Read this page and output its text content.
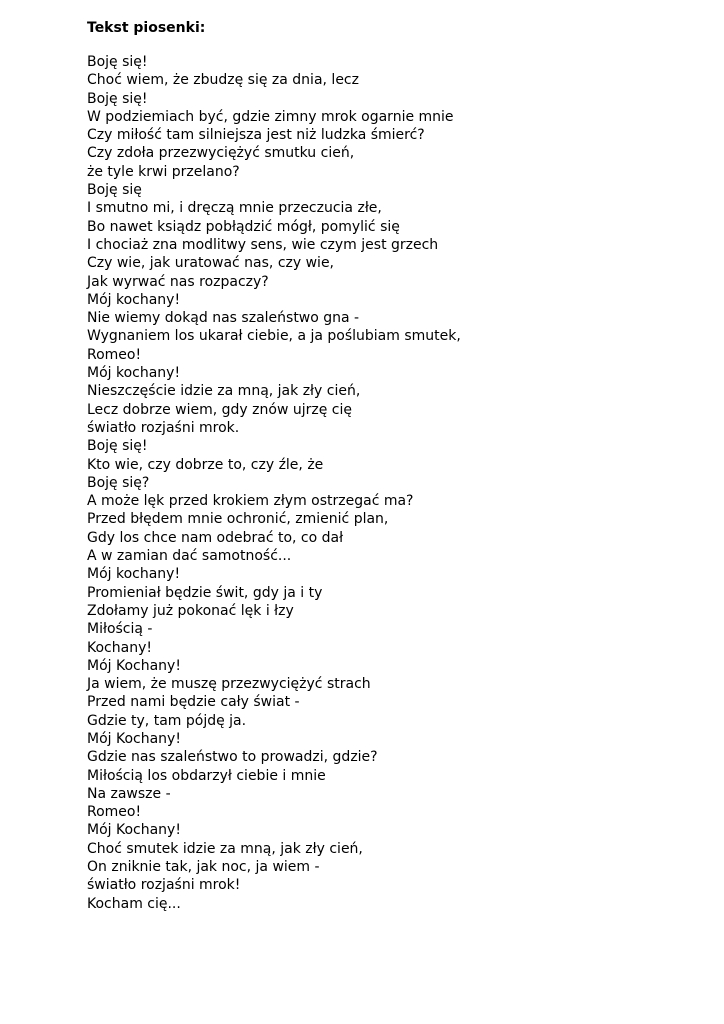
Tekst piosenki:
Boję się!
Choć wiem, że zbudzę się za dnia, lecz
Boję się!
W podziemiach być, gdzie zimny mrok ogarnie mnie
Czy miłość tam silniejsza jest niż ludzka śmierć?
Czy zdoła przezwyciężyć smutku cień,
że tyle krwi przelano?
Boję się
I smutno mi, i dręczą mnie przeczucia złe,
Bo nawet ksiądz pobłądzić mógł, pomylić się
I chociaż zna modlitwy sens, wie czym jest grzech
Czy wie, jak uratować nas, czy wie,
Jak wyrwać nas rozpaczy?
Mój kochany!
Nie wiemy dokąd nas szaleństwo gna -
Wygnaniem los ukarał ciebie, a ja poślubiam smutek,
Romeo!
Mój kochany!
Nieszczęście idzie za mną, jak zły cień,
Lecz dobrze wiem, gdy znów ujrzę cię
światło rozjaśni mrok.
Boję się!
Kto wie, czy dobrze to, czy źle, że
Boję się?
A może lęk przed krokiem złym ostrzegać ma?
Przed błędem mnie ochronić, zmienić plan,
Gdy los chce nam odebrać to, co dał
A w zamian dać samotność...
Mój kochany!
Promieniał będzie świt, gdy ja i ty
Zdołamy już pokonać lęk i łzy
Miłością -
Kochany!
Mój Kochany!
Ja wiem, że muszę przezwyciężyć strach
Przed nami będzie cały świat -
Gdzie ty, tam pójdę ja.
Mój Kochany!
Gdzie nas szaleństwo to prowadzi, gdzie?
Miłością los obdarzył ciebie i mnie
Na zawsze -
Romeo!
Mój Kochany!
Choć smutek idzie za mną, jak zły cień,
On zniknie tak, jak noc, ja wiem -
światło rozjaśni mrok!
Kocham cię...
